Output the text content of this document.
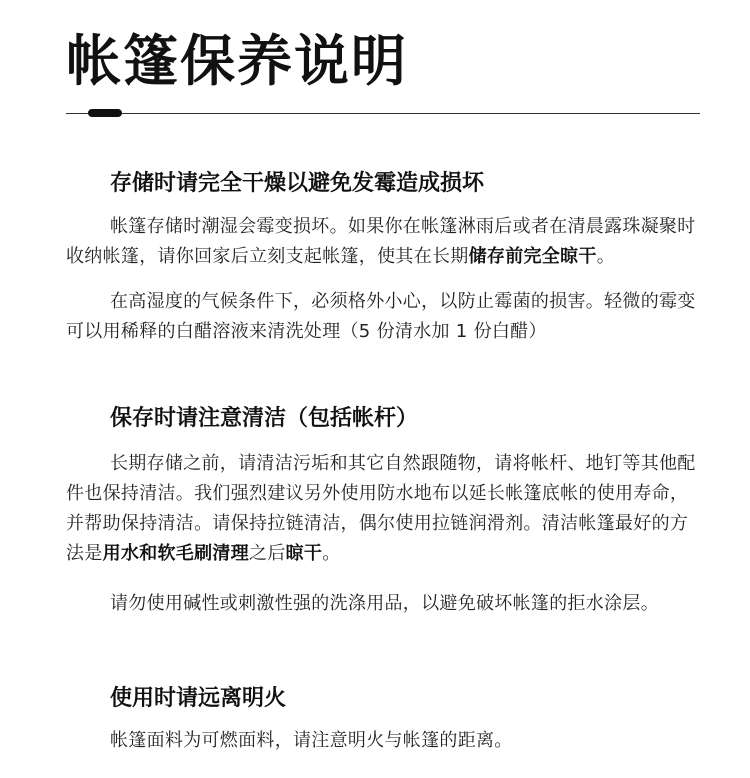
帐篷保养说明
存储时请完全干燥以避免发霉造成损坏

帐篷存储时潮湿会霉变损坏。如果你在帐篷淋雨后或者在清晨露珠凝聚时收纳帐篷，请你回家后立刻支起帐篷，使其在长期储存前完全晾干。

在高湿度的气候条件下，必须格外小心，以防止霉菌的损害。轻微的霉变可以用稀释的白醋溶液来清洗处理（5 份清水加 1 份白醋）

保存时请注意清洁（包括帐杆）

长期存储之前，请清洁污垢和其它自然跟随物，请将帐杆、地钉等其他配件也保持清洁。我们强烈建议另外使用防水地布以延长帐篷底帐的使用寿命，并帮助保持清洁。请保持拉链清洁，偶尔使用拉链润滑剂。清洁帐篷最好的方法是用水和软毛刷清理之后晾干。

请勿使用碱性或刺激性强的洗涤用品，以避免破坏帐篷的拒水涂层。

使用时请远离明火

帐篷面料为可燃面料，请注意明火与帐篷的距离。
